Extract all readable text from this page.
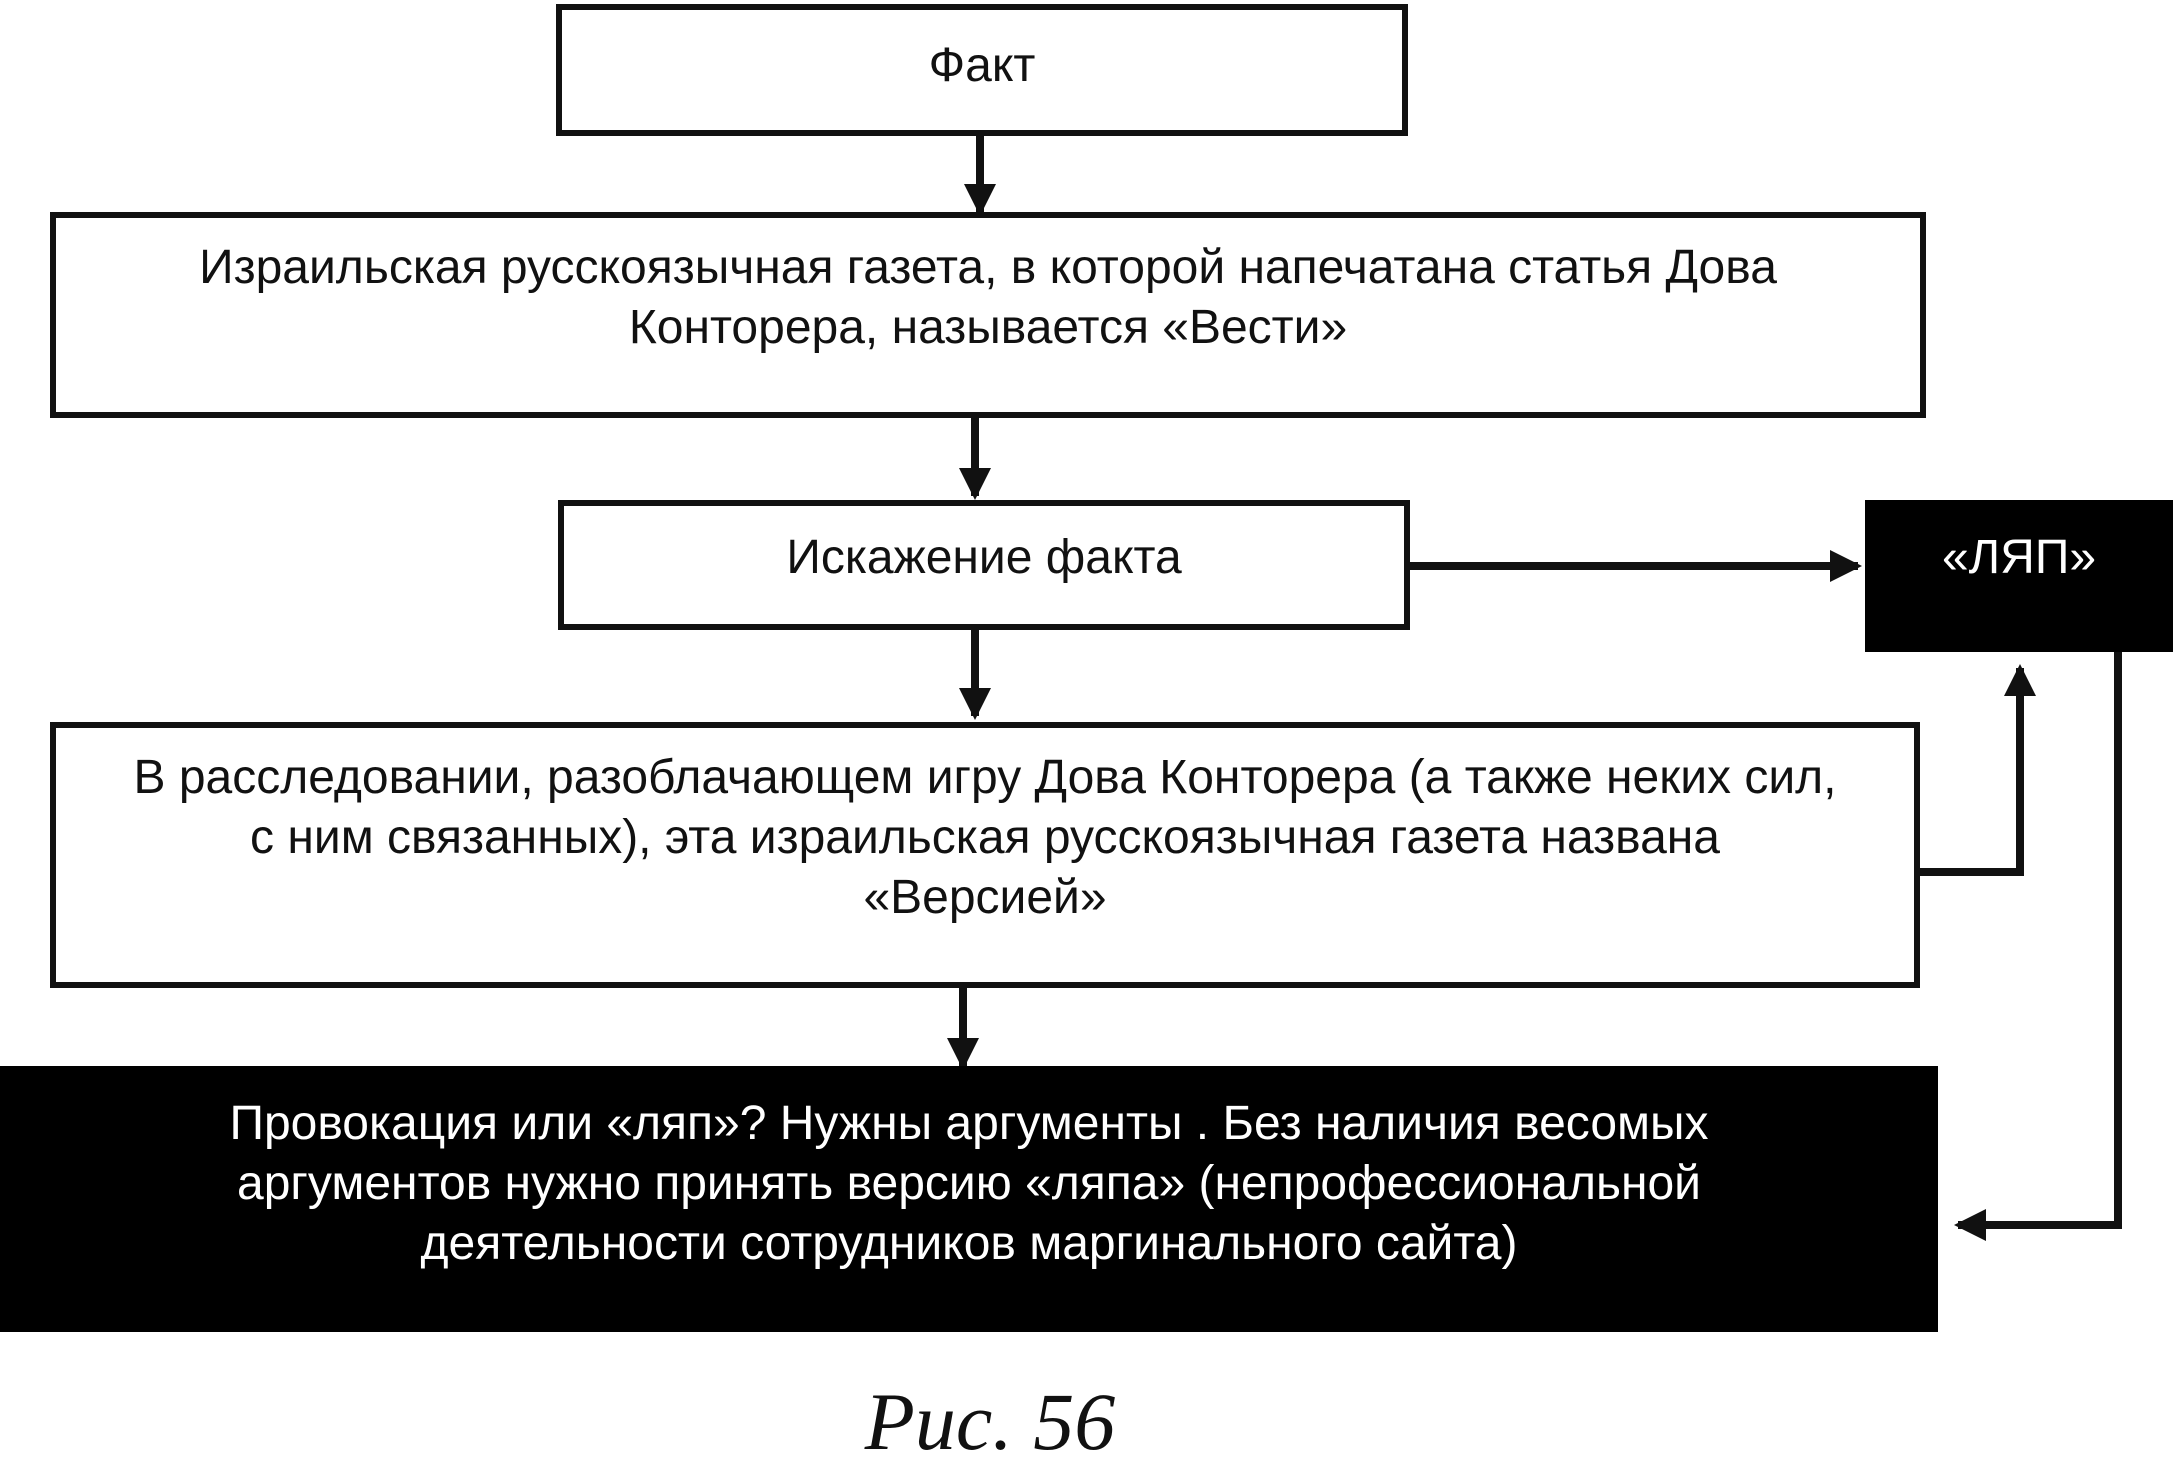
Факт
Израильская русскоязычная газета, в которой напечатана статья Дова Конторера, называется «Вести»
Искажение факта	«ЛЯП»
В расследовании, разоблачающем игру Дова Конторера (а также неких сил, с ним связанных), эта израильская русскоязычная газета названа «Версией»
Провокация или «ляп»? Нужны аргументы . Без наличия весомых аргументов нужно принять версию «ляпа» (непрофессиональной деятельности сотрудников маргинального сайта)
Рис. 56
